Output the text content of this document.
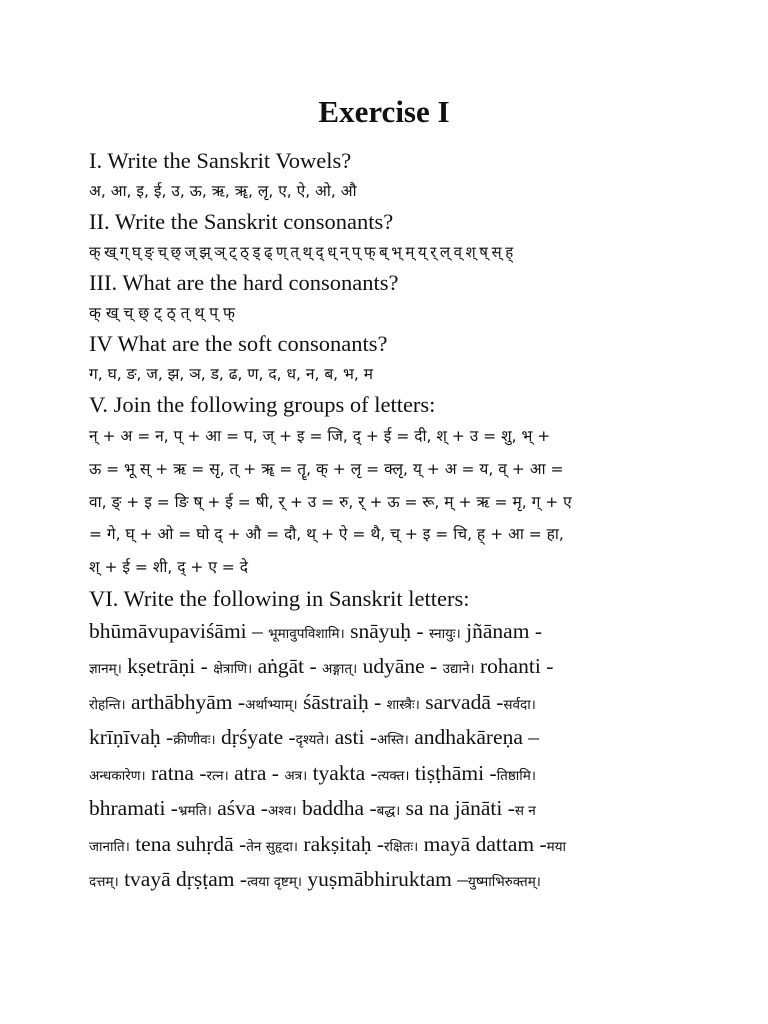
Exercise I
I. Write the Sanskrit Vowels?
अ, आ, इ, ई, उ, ऊ, ऋ, ॠ, लृ, ए, ऐ, ओ, औ
II. Write the Sanskrit consonants?
क् ख् ग् घ् ङ् च् छ् ज् झ् ञ् ट् ठ् ड् ढ् ण् त् थ् द् ध् न् प् फ् ब् भ् म् य् र् ल् व् श् ष् स् ह्
III. What are the hard consonants?
क् ख् च् छ् ट् ठ् त् थ् प् फ्
IV What are the soft consonants?
ग, घ, ङ, ज, झ, ञ, ड, ढ, ण, द, ध, न, ब, भ, म
V. Join the following groups of letters:
न् + अ = न, प् + आ = प, ज् + इ = जि, द् + ई = दी, श् + उ = शु, भ् +
ऊ = भू स् + ऋ = सृ, त् + ॠ = तॄ, क् + लृ = क्लृ, य् + अ = य, व् + आ =
वा, ङ् + इ = ङि ष् + ई = षी, र् + उ = रु, र् + ऊ = रू, म् + ऋ = मृ, ग् + ए
= गे, घ् + ओ = घो द् + औ = दौ, थ् + ऐ = थै, च् + इ = चि, ह् + आ = हा,
श् + ई = शी, द् + ए = दे
VI. Write the following in Sanskrit letters:
bhūmāvupaviśāmi – भूमावुपविशामि। snāyuḥ - स्नायुः। jñānam -
ज्ञानम्। kṣetrāṇi - क्षेत्राणि। aṅgāt - अङ्गात्। udyāne - उद्याने। rohanti -
रोहन्ति। arthābhyām -अर्थाभ्याम्। śāstraiḥ - शास्त्रैः। sarvadā -सर्वदा।
krīṇīvaḥ -क्रीणीवः। dṛśyate -दृश्यते। asti -अस्ति। andhakāreṇa –
अन्धकारेण। ratna -रत्न। atra - अत्र। tyakta -त्यक्त। tiṣṭhāmi -तिष्ठामि।
bhramati -भ्रमति। aśva -अश्व। baddha -बद्ध। sa na jānāti -स न
जानाति। tena suhṛdā -तेन सुहृदा। rakṣitaḥ -रक्षितः। mayā dattam -मया
दत्तम्। tvayā dṛṣṭam -त्वया दृष्टम्। yuṣmābhiruktam –युष्माभिरुक्तम्।
